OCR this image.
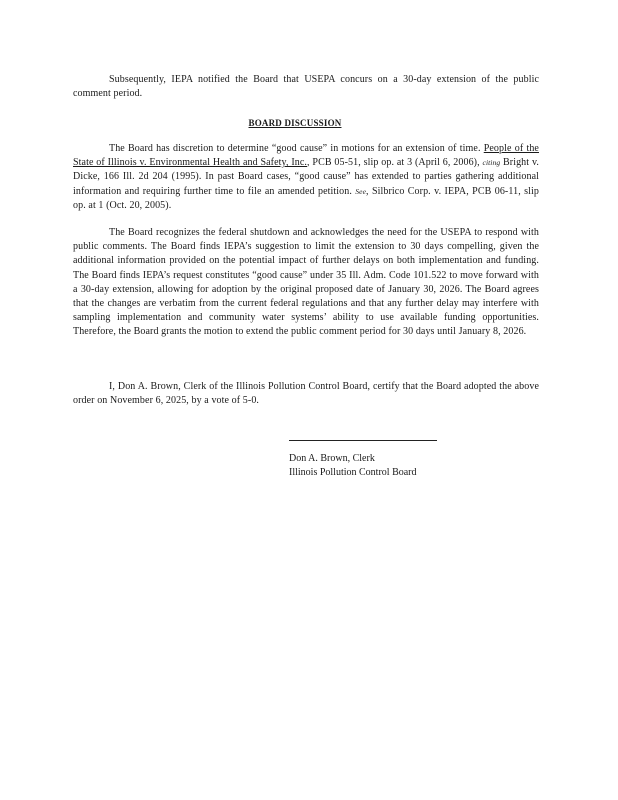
Subsequently, IEPA notified the Board that USEPA concurs on a 30-day extension of the public comment period.

BOARD DISCUSSION

The Board has discretion to determine “good cause” in motions for an extension of time. People of the State of Illinois v. Environmental Health and Safety, Inc., PCB 05-51, slip op. at 3 (April 6, 2006), citing Bright v. Dicke, 166 Ill. 2d 204 (1995). In past Board cases, “good cause” has extended to parties gathering additional information and requiring further time to file an amended petition. See, Silbrico Corp. v. IEPA, PCB 06-11, slip op. at 1 (Oct. 20, 2005).

The Board recognizes the federal shutdown and acknowledges the need for the USEPA to respond with public comments. The Board finds IEPA’s suggestion to limit the extension to 30 days compelling, given the additional information provided on the potential impact of further delays on both implementation and funding. The Board finds IEPA’s request constitutes “good cause” under 35 Ill. Adm. Code 101.522 to move forward with a 30-day extension, allowing for adoption by the original proposed date of January 30, 2026. The Board agrees that the changes are verbatim from the current federal regulations and that any further delay may interfere with sampling implementation and community water systems’ ability to use available funding opportunities. Therefore, the Board grants the motion to extend the public comment period for 30 days until January 8, 2026.

I, Don A. Brown, Clerk of the Illinois Pollution Control Board, certify that the Board adopted the above order on November 6, 2025, by a vote of 5-0.

Don A. Brown, Clerk

Illinois Pollution Control Board
